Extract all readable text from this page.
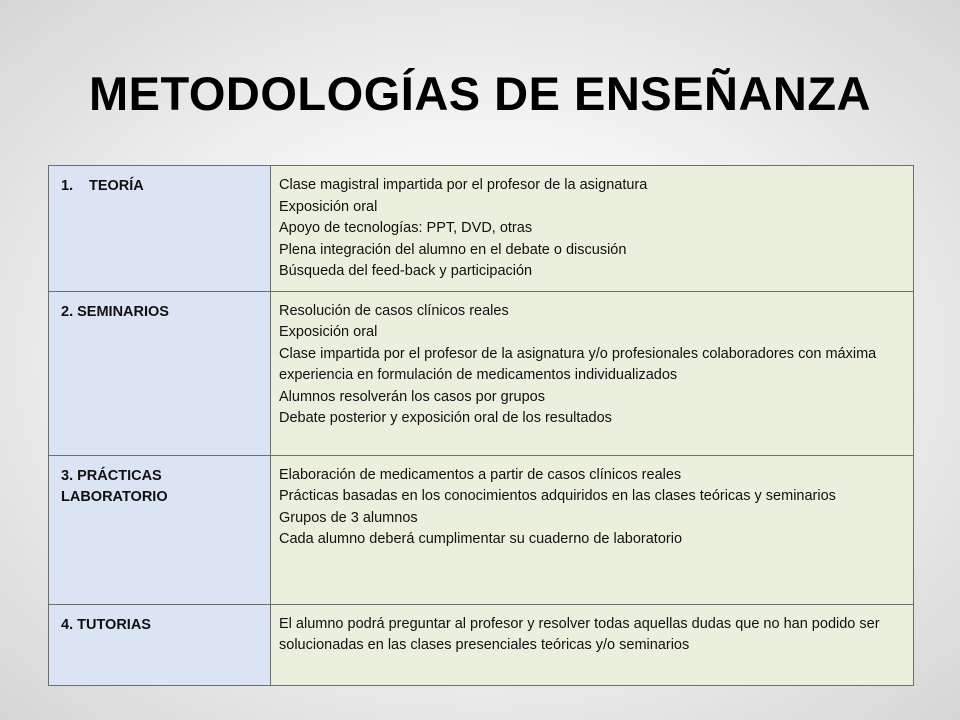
METODOLOGÍAS DE ENSEÑANZA
1. TEORÍA	Clase magistral impartida por el profesor de la asignatura
Exposición oral
Apoyo de tecnologías: PPT, DVD, otras
Plena integración del alumno en el debate o discusión
Búsqueda del feed-back y participación

2. SEMINARIOS	Resolución de casos clínicos reales
Exposición oral
Clase impartida por el profesor de la asignatura y/o profesionales colaboradores con máxima experiencia en formulación de medicamentos individualizados
Alumnos resolverán los casos por grupos
Debate posterior y exposición oral de los resultados

3. PRÁCTICAS LABORATORIO	Elaboración de medicamentos a partir de casos clínicos reales
Prácticas basadas en los conocimientos adquiridos en las clases teóricas y seminarios
Grupos de 3 alumnos
Cada alumno deberá cumplimentar su cuaderno de laboratorio

4. TUTORIAS	El alumno podrá preguntar al profesor y resolver todas aquellas dudas que no han podido ser solucionadas en las clases presenciales teóricas y/o seminarios
